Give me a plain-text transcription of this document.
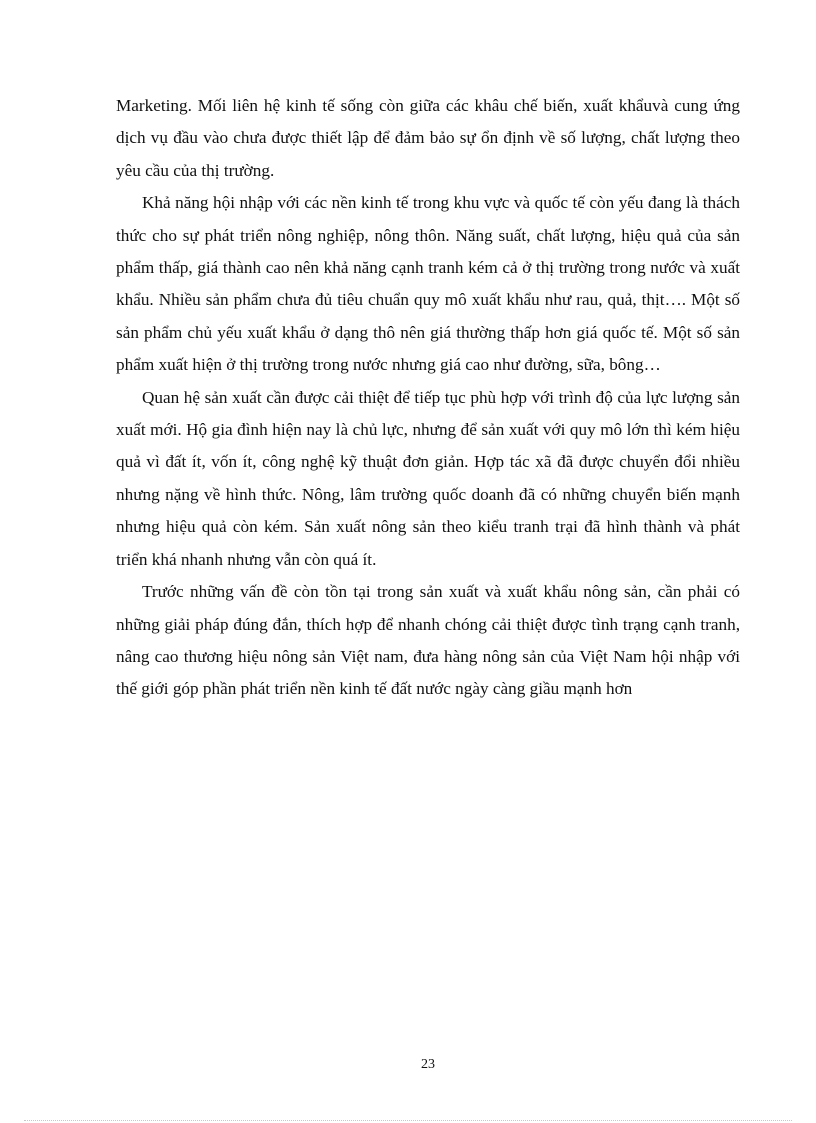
Marketing. Mối liên hệ kinh tế sống còn giữa các khâu chế biến, xuất khẩuvà cung ứng dịch vụ đầu vào chưa được thiết lập để đảm bảo sự ổn định về số lượng, chất lượng theo yêu cầu của thị trường.

Khả năng hội nhập với các nền kinh tế trong khu vực và quốc tế còn yếu đang là thách thức cho sự phát triển nông nghiệp, nông thôn. Năng suất, chất lượng, hiệu quả của sản phẩm thấp, giá thành cao nên khả năng cạnh tranh kém cả ở thị trường trong nước và xuất khẩu. Nhiều sản phẩm chưa đủ tiêu chuẩn quy mô xuất khẩu như rau, quả, thịt…. Một số sản phẩm chủ yếu xuất khẩu ở dạng thô nên giá thường thấp hơn giá quốc tế. Một số sản phẩm xuất hiện ở thị trường trong nước nhưng giá cao như đường, sữa, bông…

Quan hệ sản xuất cần được cải thiệt để tiếp tục phù hợp với trình độ của lực lượng sản xuất mới. Hộ gia đình hiện nay là chủ lực, nhưng để sản xuất với quy mô lớn thì kém hiệu quả vì đất ít, vốn ít, công nghệ kỹ thuật đơn giản. Hợp tác xã đã được chuyển đổi nhiều nhưng nặng về hình thức. Nông, lâm trường quốc doanh đã có những chuyển biến mạnh nhưng hiệu quả còn kém. Sản xuất nông sản theo kiểu tranh trại đã hình thành và phát triển khá nhanh nhưng vẫn còn quá ít.

Trước những vấn đề còn tồn tại trong sản xuất và xuất khẩu nông sản, cần phải có những giải pháp đúng đắn, thích hợp để nhanh chóng cải thiệt được tình trạng cạnh tranh, nâng cao thương hiệu nông sản Việt nam, đưa hàng nông sản của Việt Nam hội nhập với thế giới góp phần phát triển nền kinh tế đất nước ngày càng giầu mạnh hơn

23
